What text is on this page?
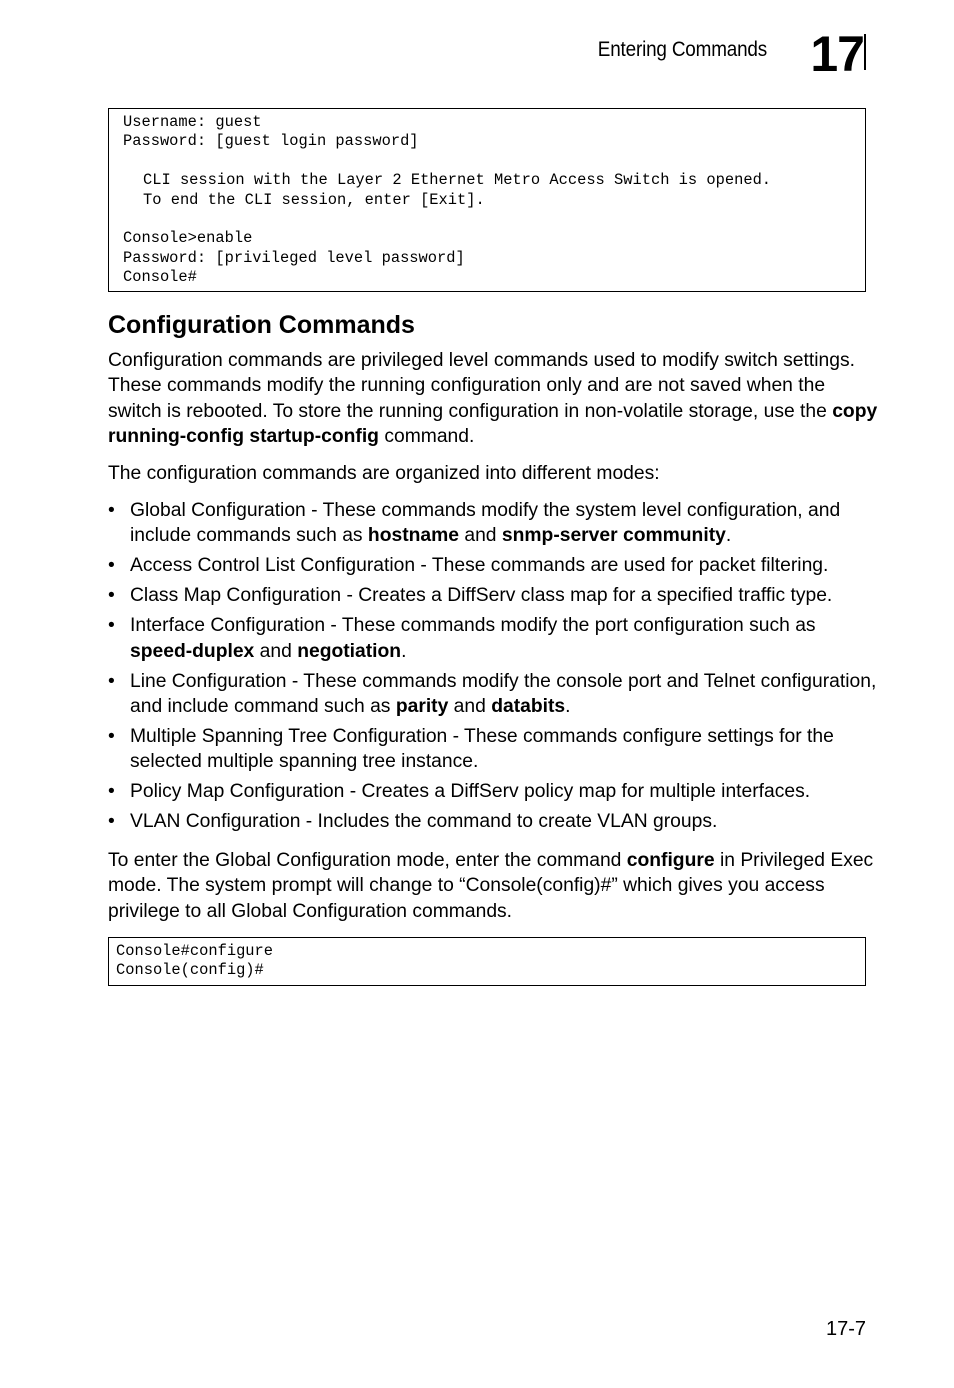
Entering Commands 17
Username: guest
Password: [guest login password]
CLI session with the Layer 2 Ethernet Metro Access Switch is opened.
To end the CLI session, enter [Exit].
Console>enable
Password: [privileged level password]
Console#
Configuration Commands

Configuration commands are privileged level commands used to modify switch settings. These commands modify the running configuration only and are not saved when the switch is rebooted. To store the running configuration in non-volatile storage, use the copy running-config startup-config command.

The configuration commands are organized into different modes:

• Global Configuration - These commands modify the system level configuration, and include commands such as hostname and snmp-server community.
• Access Control List Configuration - These commands are used for packet filtering.
• Class Map Configuration - Creates a DiffServ class map for a specified traffic type.
• Interface Configuration - These commands modify the port configuration such as speed-duplex and negotiation.
• Line Configuration - These commands modify the console port and Telnet configuration, and include command such as parity and databits.
• Multiple Spanning Tree Configuration - These commands configure settings for the selected multiple spanning tree instance.
• Policy Map Configuration - Creates a DiffServ policy map for multiple interfaces.
• VLAN Configuration - Includes the command to create VLAN groups.

To enter the Global Configuration mode, enter the command configure in Privileged Exec mode. The system prompt will change to “Console(config)#” which gives you access privilege to all Global Configuration commands.

Console#configure
Console(config)#
17-7
